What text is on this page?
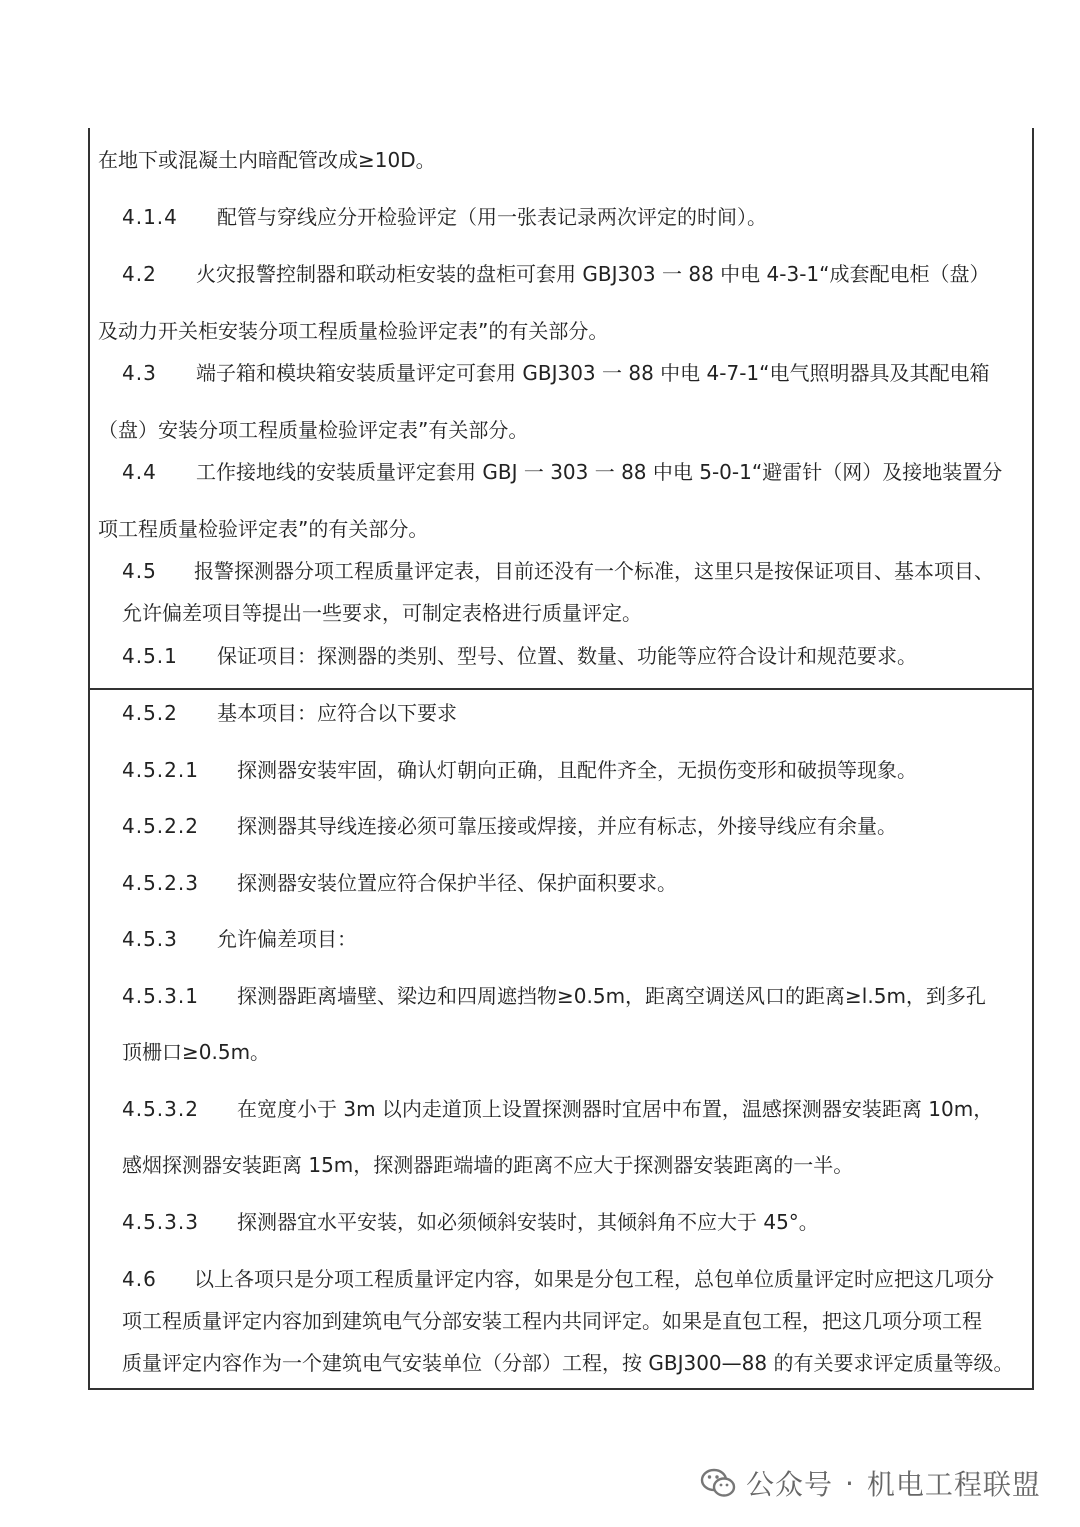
在地下或混凝土内暗配管改成≥10D。
4.1.4 配管与穿线应分开检验评定（用一张表记录两次评定的时间）。
4.2 火灾报警控制器和联动柜安装的盘柜可套用 GBJ303 一 88 中电 4-3-1“成套配电柜（盘）
及动力开关柜安装分项工程质量检验评定表”的有关部分。
4.3 端子箱和模块箱安装质量评定可套用 GBJ303 一 88 中电 4-7-1“电气照明器具及其配电箱
（盘）安装分项工程质量检验评定表”有关部分。
4.4 工作接地线的安装质量评定套用 GBJ 一 303 一 88 中电 5-0-1“避雷针（网）及接地装置分
项工程质量检验评定表”的有关部分。
4.5 报警探测器分项工程质量评定表，目前还没有一个标准，这里只是按保证项目、基本项目、
允许偏差项目等提出一些要求，可制定表格进行质量评定。
4.5.1 保证项目：探测器的类别、型号、位置、数量、功能等应符合设计和规范要求。
4.5.2 基本项目：应符合以下要求
4.5.2.1 探测器安装牢固，确认灯朝向正确，且配件齐全，无损伤变形和破损等现象。
4.5.2.2 探测器其导线连接必须可靠压接或焊接，并应有标志，外接导线应有余量。
4.5.2.3 探测器安装位置应符合保护半径、保护面积要求。
4.5.3 允许偏差项目：
4.5.3.1 探测器距离墙壁、梁边和四周遮挡物≥0.5m，距离空调送风口的距离≥l.5m，到多孔
顶栅口≥0.5m。
4.5.3.2 在宽度小于 3m 以内走道顶上设置探测器时宜居中布置，温感探测器安装距离 10m，
感烟探测器安装距离 15m，探测器距端墙的距离不应大于探测器安装距离的一半。
4.5.3.3 探测器宜水平安装，如必须倾斜安装时，其倾斜角不应大于 45°。
4.6 以上各项只是分项工程质量评定内容，如果是分包工程，总包单位质量评定时应把这几项分
项工程质量评定内容加到建筑电气分部安装工程内共同评定。如果是直包工程，把这几项分项工程
质量评定内容作为一个建筑电气安装单位（分部）工程，按 GBJ300—88 的有关要求评定质量等级。
公众号 · 机电工程联盟
